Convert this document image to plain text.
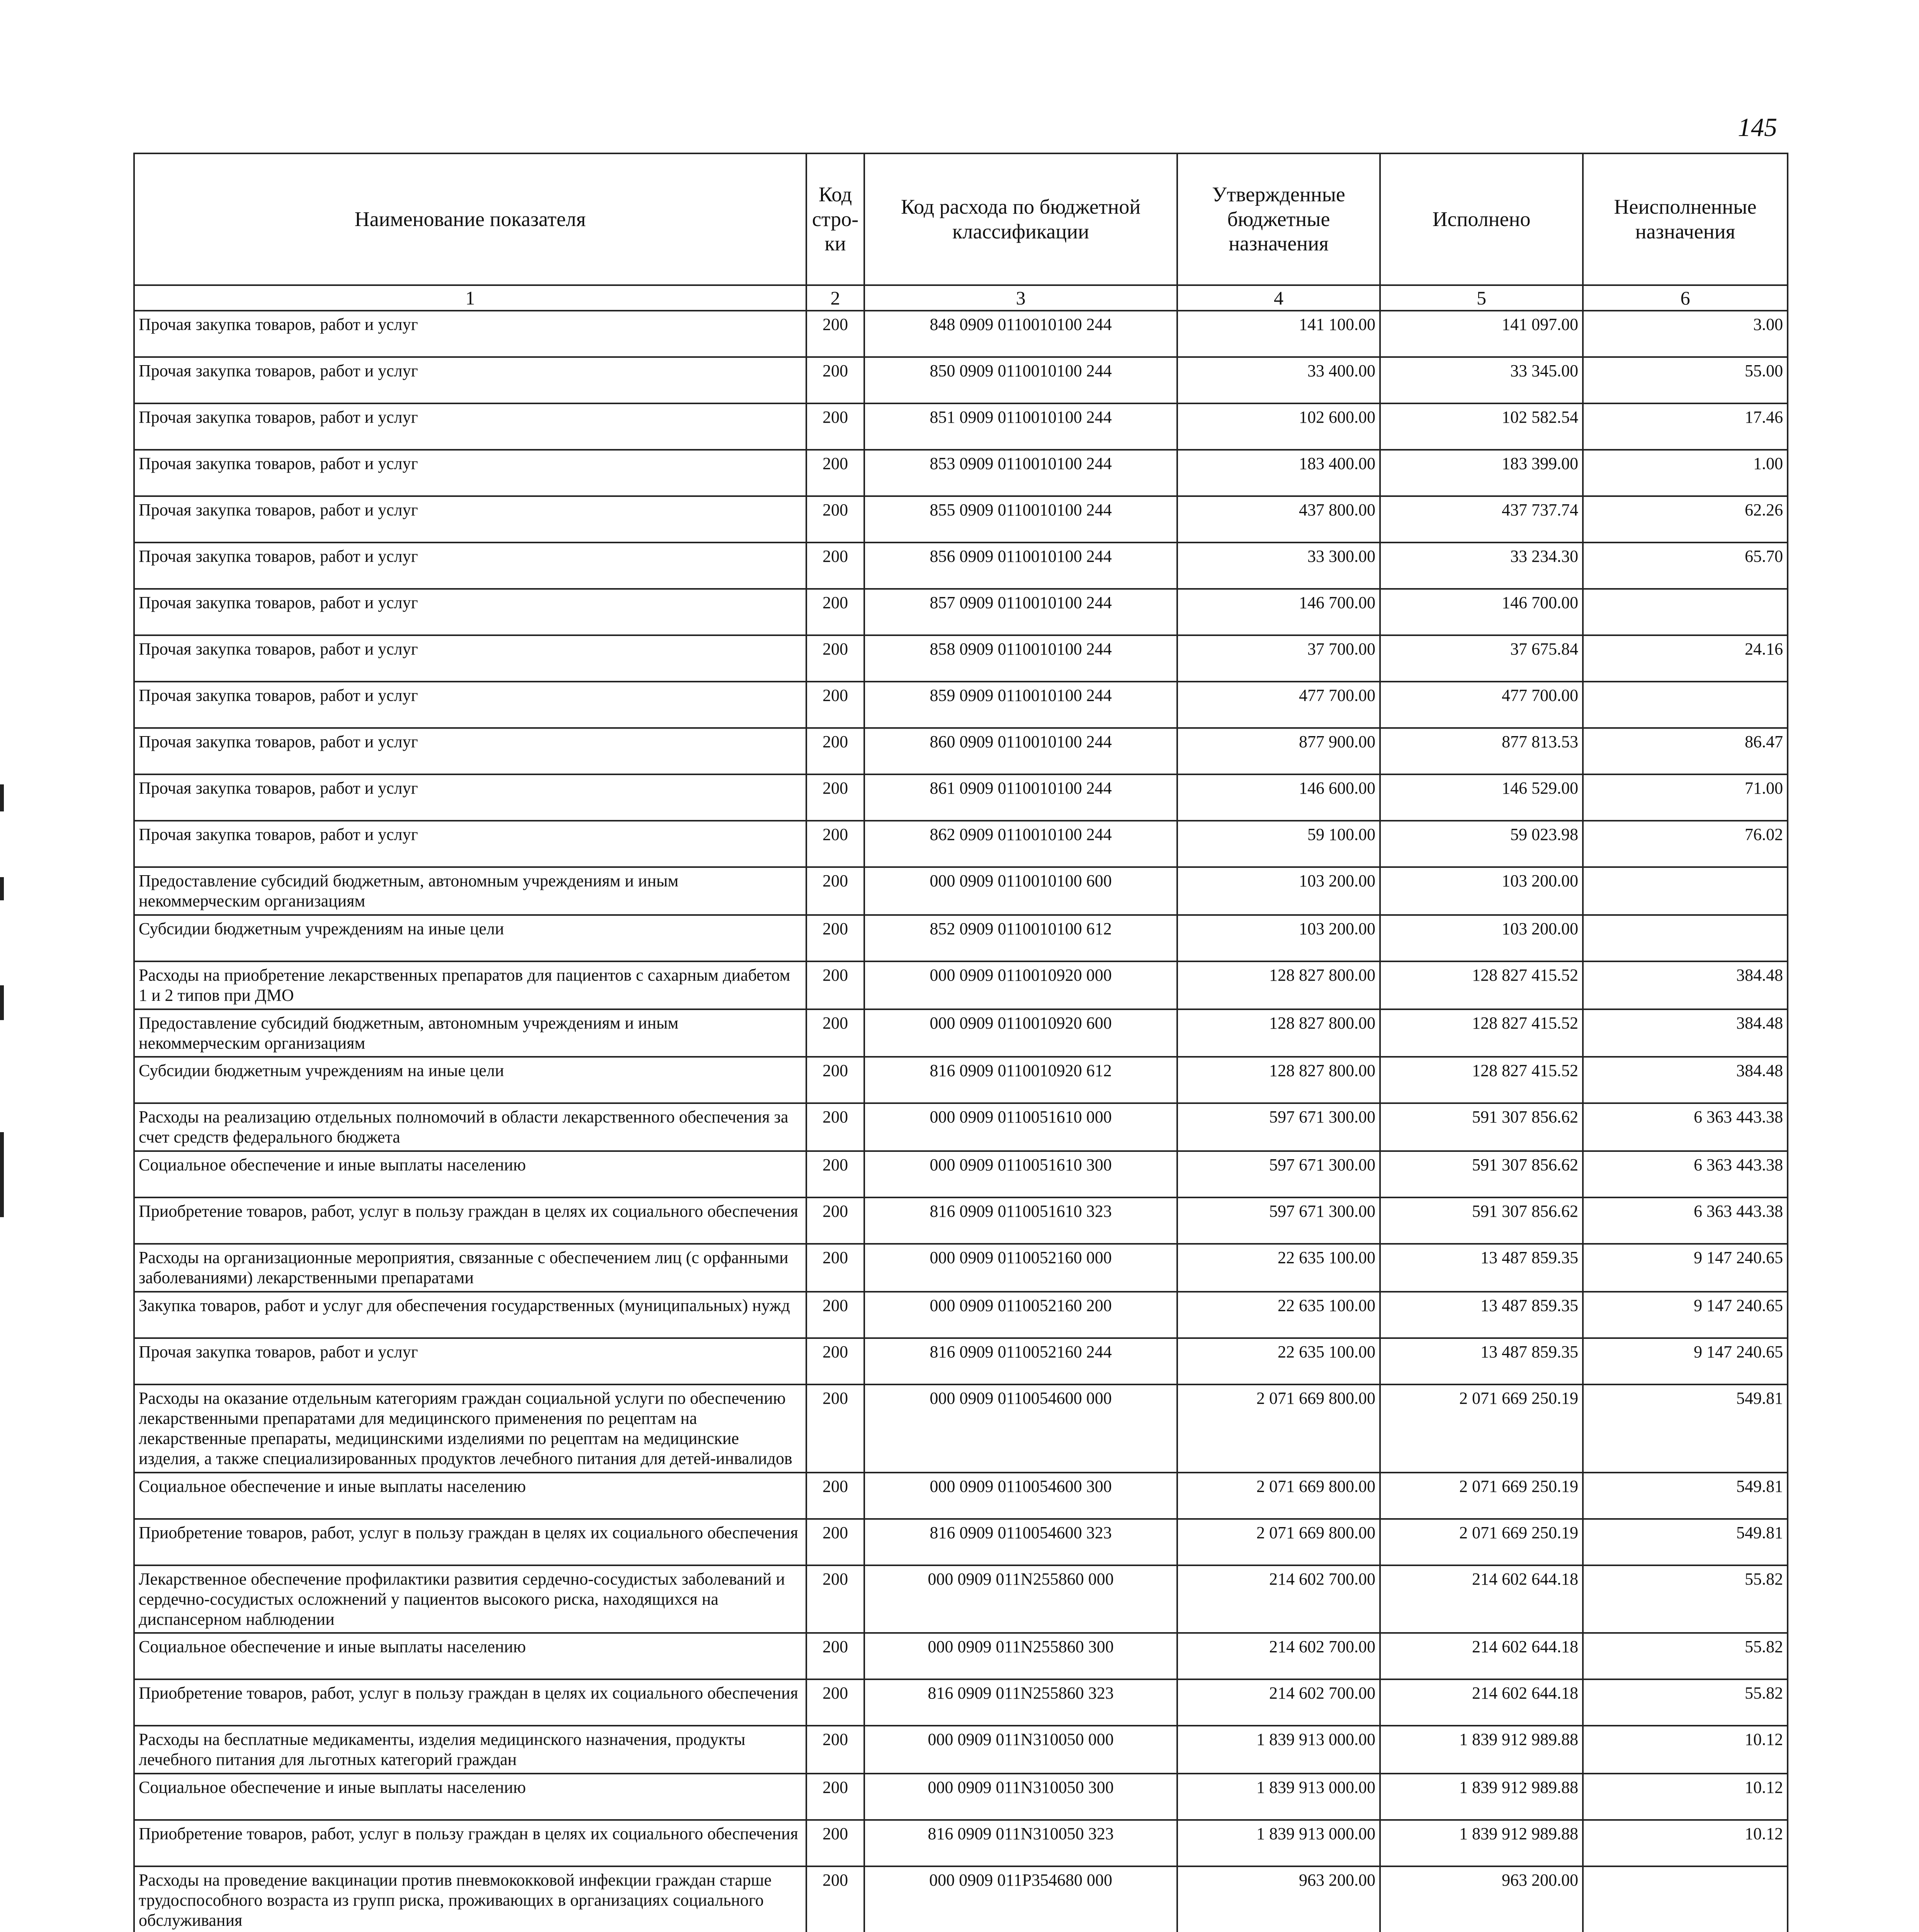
145
Наименование показателя	Код стро-ки	Код расхода по бюджетной классификации	Утвержденные бюджетные назначения	Исполнено	Неисполненные назначения
1	2	3	4	5	6
Прочая закупка товаров, работ и услуг	200	848 0909 0110010100 244	141 100.00	141 097.00	3.00
Прочая закупка товаров, работ и услуг	200	850 0909 0110010100 244	33 400.00	33 345.00	55.00
Прочая закупка товаров, работ и услуг	200	851 0909 0110010100 244	102 600.00	102 582.54	17.46
Прочая закупка товаров, работ и услуг	200	853 0909 0110010100 244	183 400.00	183 399.00	1.00
Прочая закупка товаров, работ и услуг	200	855 0909 0110010100 244	437 800.00	437 737.74	62.26
Прочая закупка товаров, работ и услуг	200	856 0909 0110010100 244	33 300.00	33 234.30	65.70
Прочая закупка товаров, работ и услуг	200	857 0909 0110010100 244	146 700.00	146 700.00	
Прочая закупка товаров, работ и услуг	200	858 0909 0110010100 244	37 700.00	37 675.84	24.16
Прочая закупка товаров, работ и услуг	200	859 0909 0110010100 244	477 700.00	477 700.00	
Прочая закупка товаров, работ и услуг	200	860 0909 0110010100 244	877 900.00	877 813.53	86.47
Прочая закупка товаров, работ и услуг	200	861 0909 0110010100 244	146 600.00	146 529.00	71.00
Прочая закупка товаров, работ и услуг	200	862 0909 0110010100 244	59 100.00	59 023.98	76.02
Предоставление субсидий бюджетным, автономным учреждениям и иным некоммерческим организациям	200	000 0909 0110010100 600	103 200.00	103 200.00	
Субсидии бюджетным учреждениям на иные цели	200	852 0909 0110010100 612	103 200.00	103 200.00	
Расходы на приобретение лекарственных препаратов для пациентов с сахарным диабетом 1 и 2 типов при ДМО	200	000 0909 0110010920 000	128 827 800.00	128 827 415.52	384.48
Предоставление субсидий бюджетным, автономным учреждениям и иным некоммерческим организациям	200	000 0909 0110010920 600	128 827 800.00	128 827 415.52	384.48
Субсидии бюджетным учреждениям на иные цели	200	816 0909 0110010920 612	128 827 800.00	128 827 415.52	384.48
Расходы на реализацию отдельных полномочий в области лекарственного обеспечения за счет средств федерального бюджета	200	000 0909 0110051610 000	597 671 300.00	591 307 856.62	6 363 443.38
Социальное обеспечение и иные выплаты населению	200	000 0909 0110051610 300	597 671 300.00	591 307 856.62	6 363 443.38
Приобретение товаров, работ, услуг в пользу граждан в целях их социального обеспечения	200	816 0909 0110051610 323	597 671 300.00	591 307 856.62	6 363 443.38
Расходы на организационные мероприятия, связанные с обеспечением лиц (с орфанными заболеваниями) лекарственными препаратами	200	000 0909 0110052160 000	22 635 100.00	13 487 859.35	9 147 240.65
Закупка товаров, работ и услуг для обеспечения государственных (муниципальных) нужд	200	000 0909 0110052160 200	22 635 100.00	13 487 859.35	9 147 240.65
Прочая закупка товаров, работ и услуг	200	816 0909 0110052160 244	22 635 100.00	13 487 859.35	9 147 240.65
Расходы на оказание отдельным категориям граждан социальной услуги по обеспечению лекарственными препаратами для медицинского применения по рецептам на лекарственные препараты, медицинскими изделиями по рецептам на медицинские изделия, а также специализированных продуктов лечебного питания для детей-инвалидов	200	000 0909 0110054600 000	2 071 669 800.00	2 071 669 250.19	549.81
Социальное обеспечение и иные выплаты населению	200	000 0909 0110054600 300	2 071 669 800.00	2 071 669 250.19	549.81
Приобретение товаров, работ, услуг в пользу граждан в целях их социального обеспечения	200	816 0909 0110054600 323	2 071 669 800.00	2 071 669 250.19	549.81
Лекарственное обеспечение профилактики развития сердечно-сосудистых заболеваний и сердечно-сосудистых осложнений у пациентов высокого риска, находящихся на диспансерном наблюдении	200	000 0909 011N255860 000	214 602 700.00	214 602 644.18	55.82
Социальное обеспечение и иные выплаты населению	200	000 0909 011N255860 300	214 602 700.00	214 602 644.18	55.82
Приобретение товаров, работ, услуг в пользу граждан в целях их социального обеспечения	200	816 0909 011N255860 323	214 602 700.00	214 602 644.18	55.82
Расходы на бесплатные медикаменты, изделия медицинского назначения, продукты лечебного питания для льготных категорий граждан	200	000 0909 011N310050 000	1 839 913 000.00	1 839 912 989.88	10.12
Социальное обеспечение и иные выплаты населению	200	000 0909 011N310050 300	1 839 913 000.00	1 839 912 989.88	10.12
Приобретение товаров, работ, услуг в пользу граждан в целях их социального обеспечения	200	816 0909 011N310050 323	1 839 913 000.00	1 839 912 989.88	10.12
Расходы на проведение вакцинации против пневмококковой инфекции граждан старше трудоспособного возраста из групп риска, проживающих в организациях социального обслуживания	200	000 0909 011P354680 000	963 200.00	963 200.00	
